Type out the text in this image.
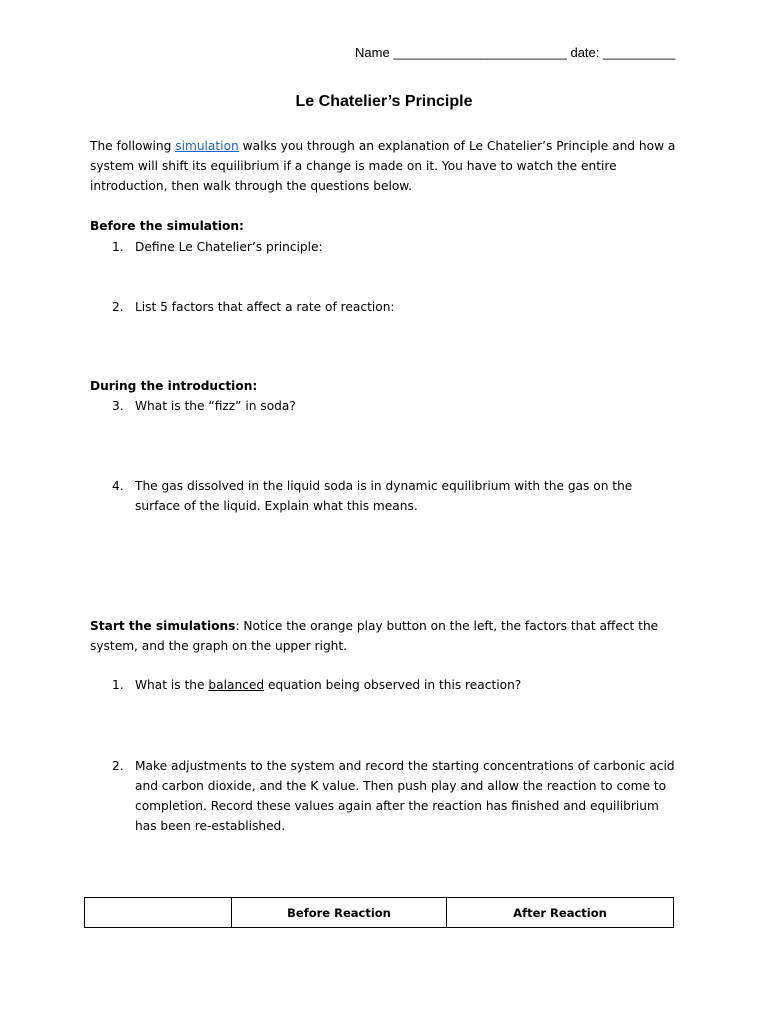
Name ________________________ date: __________
Le Chatelier’s Principle
The following simulation walks you through an explanation of Le Chatelier’s Principle and how a system will shift its equilibrium if a change is made on it. You have to watch the entire introduction, then walk through the questions below.
Before the simulation:
1. Define Le Chatelier’s principle:
2. List 5 factors that affect a rate of reaction:
During the introduction:
3. What is the “fizz” in soda?
4. The gas dissolved in the liquid soda is in dynamic equilibrium with the gas on the surface of the liquid. Explain what this means.
Start the simulations: Notice the orange play button on the left, the factors that affect the system, and the graph on the upper right.
1. What is the balanced equation being observed in this reaction?
2. Make adjustments to the system and record the starting concentrations of carbonic acid and carbon dioxide, and the K value. Then push play and allow the reaction to come to completion. Record these values again after the reaction has finished and equilibrium has been re-established.
	Before Reaction	After Reaction
